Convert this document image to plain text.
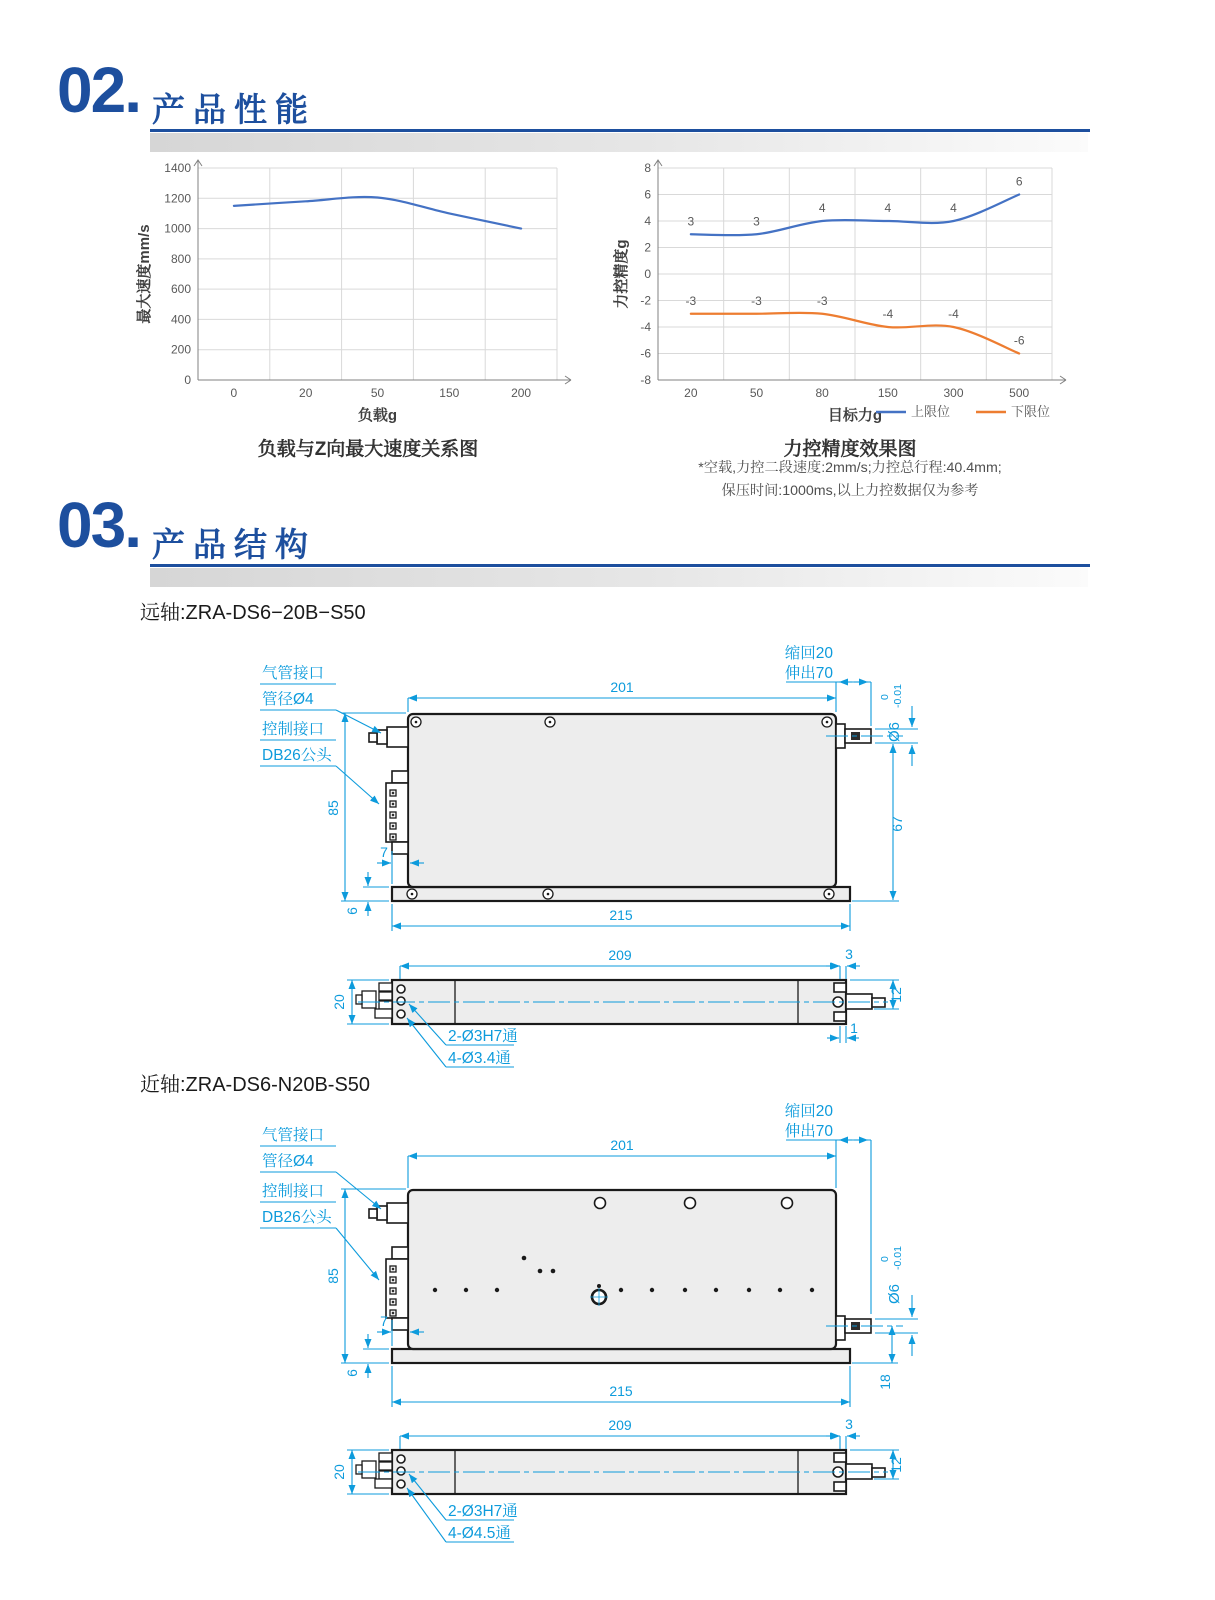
02. 产品性能
0
200
400
600
800
1000
1200
1400
0	20	50	150	200
最大速度mm/s
负载g
-8
-6
-4
-2
0
2
4
6
8
20	50	80	150	300	500
3	3
4	4	4
6
-3	-3	-3
-4	-4
-6
力控精度g
目标力g 上限位	下限位
负载与Z向最大速度关系图	力控精度效果图
*空载,力控二段速度:2mm/s;力控总行程:40.4mm;
保压时间:1000ms,以上力控数据仅为参考
03. 产品结构
远轴:ZRA-DS6−20B−S50
近轴:ZRA-DS6-N20B-S50
缩回20
伸出70
201
Ø6
0 -0.01
85
67
7
6	215
气管接口
管径Ø4
控制接口
DB26公头
209	3
12
1
20
2-Ø3H7通
4-Ø3.4通
缩回20
伸出70
201
Ø6
0 -0.01
18
85
7
6
215
气管接口
管径Ø4
控制接口
DB26公头
209	3
12
20
2-Ø3H7通
4-Ø4.5通
